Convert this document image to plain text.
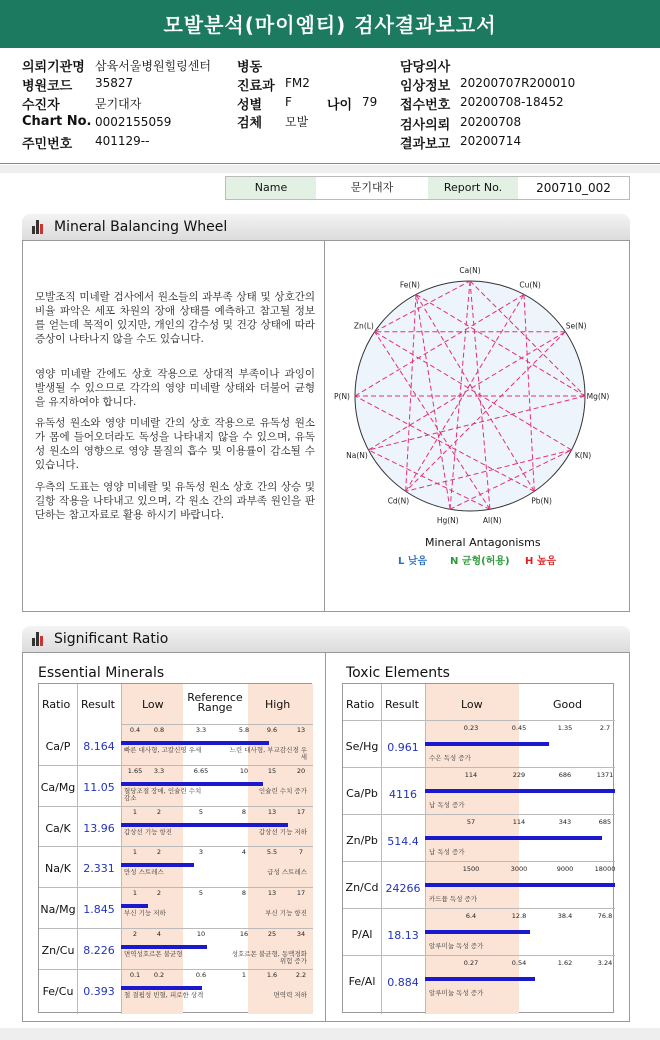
모발분석(마이엠티) 검사결과보고서
의뢰기관명 삼육서울병원힐링센터 병동	담당의사
병원코드 35827	진료과 FM2	임상정보 20200707R200010
수진자	문기대자	성별 F	나이 79 접수번호 20200708-18452
Chart No. 0002155059	검체 모발	검사의뢰 20200708
주민번호 401129--	결과보고 20200714
Name	문기대자	Report No.	200710_002
Mineral Balancing Wheel
모발조직 미네랄 검사에서 원소들의 과부족 상태 및 상호간의 비율 파악은 세포 차원의 장애 상태를 예측하고 참고될 정보를 얻는데 목적이 있지만, 개인의 감수성 및 건강 상태에 따라 증상이 나타나지 않을 수도 있습니다.
영양 미네랄 간에도 상호 작용으로 상대적 부족이나 과잉이 발생될 수 있으므로 각각의 영양 미네랄 상태와 더불어 균형을 유지하여야 합니다.
유독성 원소와 영양 미네랄 간의 상호 작용으로 유독성 원소가 몸에 들어오더라도 독성을 나타내지 않을 수 있으며, 유독성 원소의 영향으로 영양 물질의 흡수 및 이용률이 감소될 수 있습니다.
우측의 도표는 영양 미네랄 및 유독성 원소 상호 간의 상승 및 길항 작용을 나타내고 있으며, 각 원소 간의 과부족 원인을 판단하는 참고자료로 활용 하시기 바랍니다.
Ca(N)
Cu(N)
Se(N)
Mg(N)
K(N)
Pb(N)
Al(N)
Hg(N)
Cd(N)
Na(N)
P(N)
Zn(L)
Fe(N)
Mineral Antagonisms
L 낮음 N 균형(허용) H 높음
Significant Ratio
Essential Minerals	Toxic Elements
Ratio Result Low
Reference Range	High
Ca/P	8.164
0.4	0.8	3.3	5.8	9.6	13
빠른 대사형, 고칼신영 우세	느린 대사형, 부교감신경 우세
Ca/Mg 11.05
1.65	3.3	6.65	10	15	20
혈당조절 장애, 인슐린 수치 감소
인슐린 수치 증가
Ca/K	13.96
1	2	5	8	13	17
갑상선 기능 항진	갑상선 기능 저하
Na/K	2.331
1	2	3	4	5.5	7
만성 스트레스	급성 스트레스
Na/Mg 1.845
1	2	5	8	13	17
부신 기능 저하	부신 기능 항진
Zn/Cu 8.226
2	4	10	16	25	34
면역성호르몬 불균형	성호르몬 불균형, 동맥경화 위험 증가
Fe/Cu 0.393
0.1	0.2	0.6	1	1.6	2.2
철 결핍성 빈혈, 피로한 상격	면역력 저하
Ratio Result	Low	Good
Se/Hg 0.961
0.23	0.45	1.35	2.7
수은 독성 증가
Ca/Pb	4116
114	229	686	1371
납 독성 증가
Zn/Pb 514.4
57	114	343	685
납 독성 증가
Zn/Cd 24266
1500	3000	9000	18000
카드뮴 독성 증가
P/Al	18.13
6.4	12.8	38.4	76.8
알루미늄 독성 증가
Fe/Al	0.884
0.27	0.54	1.62	3.24
알루미늄 독성 증가
